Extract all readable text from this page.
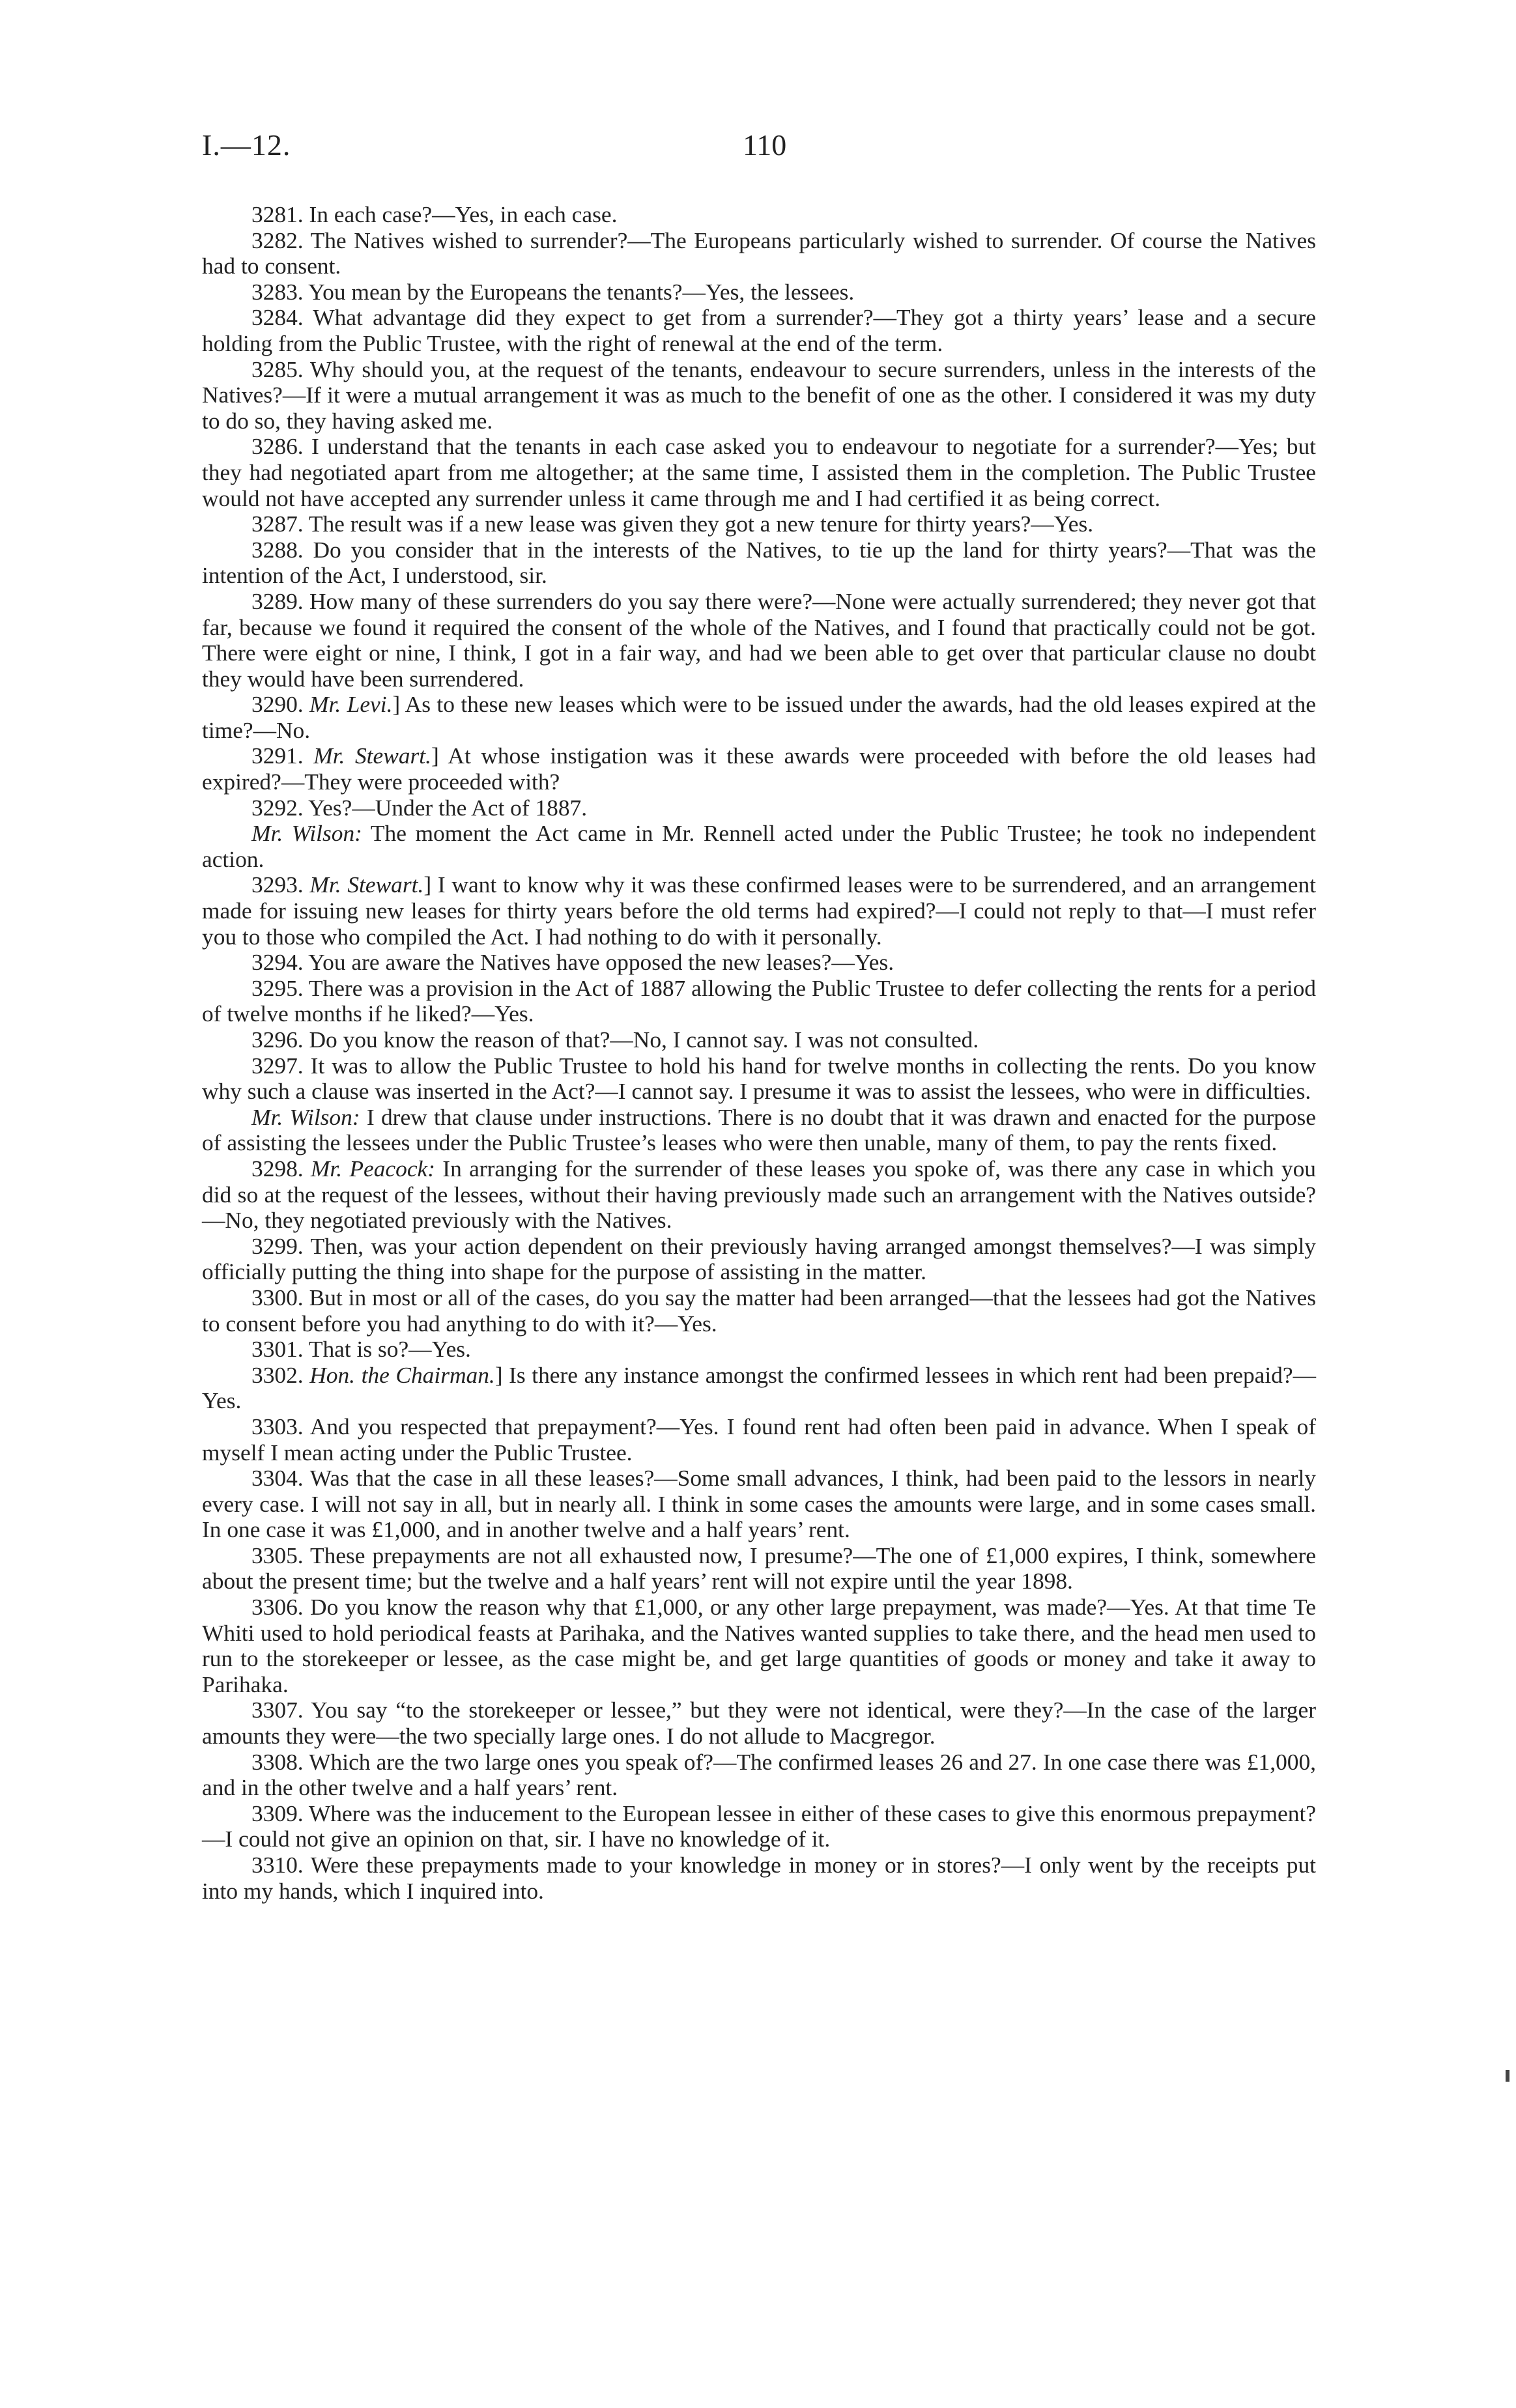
I.—12.	110

3281. In each case?—Yes, in each case.

3282. The Natives wished to surrender?—The Europeans particularly wished to surrender. Of course the Natives had to consent.

3283. You mean by the Europeans the tenants?—Yes, the lessees.

3284. What advantage did they expect to get from a surrender?—They got a thirty years’ lease and a secure holding from the Public Trustee, with the right of renewal at the end of the term.

3285. Why should you, at the request of the tenants, endeavour to secure surrenders, unless in the interests of the Natives?—If it were a mutual arrangement it was as much to the benefit of one as the other. I considered it was my duty to do so, they having asked me.

3286. I understand that the tenants in each case asked you to endeavour to negotiate for a surrender?—Yes; but they had negotiated apart from me altogether; at the same time, I assisted them in the completion. The Public Trustee would not have accepted any surrender unless it came through me and I had certified it as being correct.

3287. The result was if a new lease was given they got a new tenure for thirty years?—Yes.

3288. Do you consider that in the interests of the Natives, to tie up the land for thirty years?—That was the intention of the Act, I understood, sir.

3289. How many of these surrenders do you say there were?—None were actually surrendered; they never got that far, because we found it required the consent of the whole of the Natives, and I found that practically could not be got. There were eight or nine, I think, I got in a fair way, and had we been able to get over that particular clause no doubt they would have been surrendered.

3290. Mr. Levi.] As to these new leases which were to be issued under the awards, had the old leases expired at the time?—No.

3291. Mr. Stewart.] At whose instigation was it these awards were proceeded with before the old leases had expired?—They were proceeded with?

3292. Yes?—Under the Act of 1887.

Mr. Wilson: The moment the Act came in Mr. Rennell acted under the Public Trustee; he took no independent action.

3293. Mr. Stewart.] I want to know why it was these confirmed leases were to be surrendered, and an arrangement made for issuing new leases for thirty years before the old terms had expired?—I could not reply to that—I must refer you to those who compiled the Act. I had nothing to do with it personally.

3294. You are aware the Natives have opposed the new leases?—Yes.

3295. There was a provision in the Act of 1887 allowing the Public Trustee to defer collecting the rents for a period of twelve months if he liked?—Yes.

3296. Do you know the reason of that?—No, I cannot say. I was not consulted.

3297. It was to allow the Public Trustee to hold his hand for twelve months in collecting the rents. Do you know why such a clause was inserted in the Act?—I cannot say. I presume it was to assist the lessees, who were in difficulties.

Mr. Wilson: I drew that clause under instructions. There is no doubt that it was drawn and enacted for the purpose of assisting the lessees under the Public Trustee’s leases who were then unable, many of them, to pay the rents fixed.

3298. Mr. Peacock: In arranging for the surrender of these leases you spoke of, was there any case in which you did so at the request of the lessees, without their having previously made such an arrangement with the Natives outside?—No, they negotiated previously with the Natives.

3299. Then, was your action dependent on their previously having arranged amongst themselves?—I was simply officially putting the thing into shape for the purpose of assisting in the matter.

3300. But in most or all of the cases, do you say the matter had been arranged—that the lessees had got the Natives to consent before you had anything to do with it?—Yes.

3301. That is so?—Yes.

3302. Hon. the Chairman.] Is there any instance amongst the confirmed lessees in which rent had been prepaid?—Yes.

3303. And you respected that prepayment?—Yes. I found rent had often been paid in advance. When I speak of myself I mean acting under the Public Trustee.

3304. Was that the case in all these leases?—Some small advances, I think, had been paid to the lessors in nearly every case. I will not say in all, but in nearly all. I think in some cases the amounts were large, and in some cases small. In one case it was £1,000, and in another twelve and a half years’ rent.

3305. These prepayments are not all exhausted now, I presume?—The one of £1,000 expires, I think, somewhere about the present time; but the twelve and a half years’ rent will not expire until the year 1898.

3306. Do you know the reason why that £1,000, or any other large prepayment, was made?—Yes. At that time Te Whiti used to hold periodical feasts at Parihaka, and the Natives wanted supplies to take there, and the head men used to run to the storekeeper or lessee, as the case might be, and get large quantities of goods or money and take it away to Parihaka.

3307. You say “to the storekeeper or lessee,” but they were not identical, were they?—In the case of the larger amounts they were—the two specially large ones. I do not allude to Macgregor.

3308. Which are the two large ones you speak of?—The confirmed leases 26 and 27. In one case there was £1,000, and in the other twelve and a half years’ rent.

3309. Where was the inducement to the European lessee in either of these cases to give this enormous prepayment?—I could not give an opinion on that, sir. I have no knowledge of it.

3310. Were these prepayments made to your knowledge in money or in stores?—I only went by the receipts put into my hands, which I inquired into.
